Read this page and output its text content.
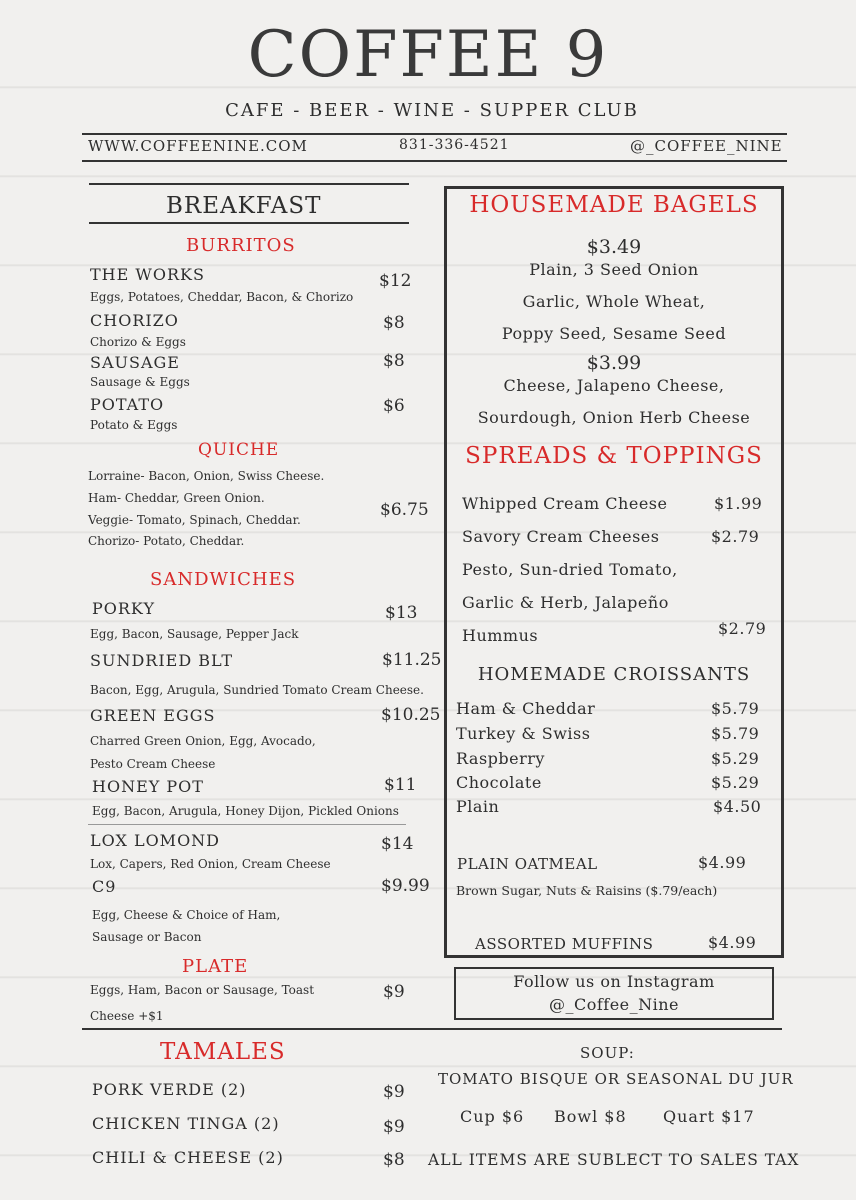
COFFEE 9
CAFE - BEER - WINE - SUPPER CLUB
WWW.COFFEENINE.COM	831-336-4521	@_COFFEE_NINE
BREAKFAST
BURRITOS
THE WORKS
Eggs, Potatoes, Cheddar, Bacon, & Chorizo
$12
CHORIZO
Chorizo & Eggs
$8
SAUSAGE
Sausage & Eggs
$8
POTATO
Potato & Eggs
$6
QUICHE
Lorraine- Bacon, Onion, Swiss Cheese.
Ham- Cheddar, Green Onion.
Veggie- Tomato, Spinach, Cheddar.
Chorizo- Potato, Cheddar.
$6.75
SANDWICHES
PORKY
Egg, Bacon, Sausage, Pepper Jack
$13
SUNDRIED BLT
Bacon, Egg, Arugula, Sundried Tomato Cream Cheese.
$11.25
GREEN EGGS
Charred Green Onion, Egg, Avocado,
Pesto Cream Cheese
$10.25
HONEY POT
Egg, Bacon, Arugula, Honey Dijon, Pickled Onions
$11
LOX LOMOND
Lox, Capers, Red Onion, Cream Cheese
$14
C9
Egg, Cheese & Choice of Ham,
Sausage or Bacon
$9.99
PLATE
Eggs, Ham, Bacon or Sausage, Toast
Cheese +$1
$9
HOUSEMADE BAGELS
$3.49
Plain, 3 Seed Onion
Garlic, Whole Wheat,
Poppy Seed, Sesame Seed
$3.99
Cheese, Jalapeno Cheese,
Sourdough, Onion Herb Cheese
SPREADS & TOPPINGS
Whipped Cream Cheese	$1.99
Savory Cream Cheeses	$2.79
Pesto, Sun-dried Tomato,
Garlic & Herb, Jalapeño
Hummus	$2.79
HOMEMADE CROISSANTS
Ham & Cheddar	$5.79
Turkey & Swiss	$5.79
Raspberry	$5.29
Chocolate	$5.29
Plain	$4.50
PLAIN OATMEAL	$4.99
Brown Sugar, Nuts & Raisins ($.79/each)
ASSORTED MUFFINS	$4.99
Follow us on Instagram
@_Coffee_Nine
TAMALES
PORK VERDE (2)	$9
CHICKEN TINGA (2)	$9
CHILI & CHEESE (2)	$8
SOUP:
TOMATO BISQUE OR SEASONAL DU JUR
Cup $6 Bowl $8 Quart $17
ALL ITEMS ARE SUBLECT TO SALES TAX
